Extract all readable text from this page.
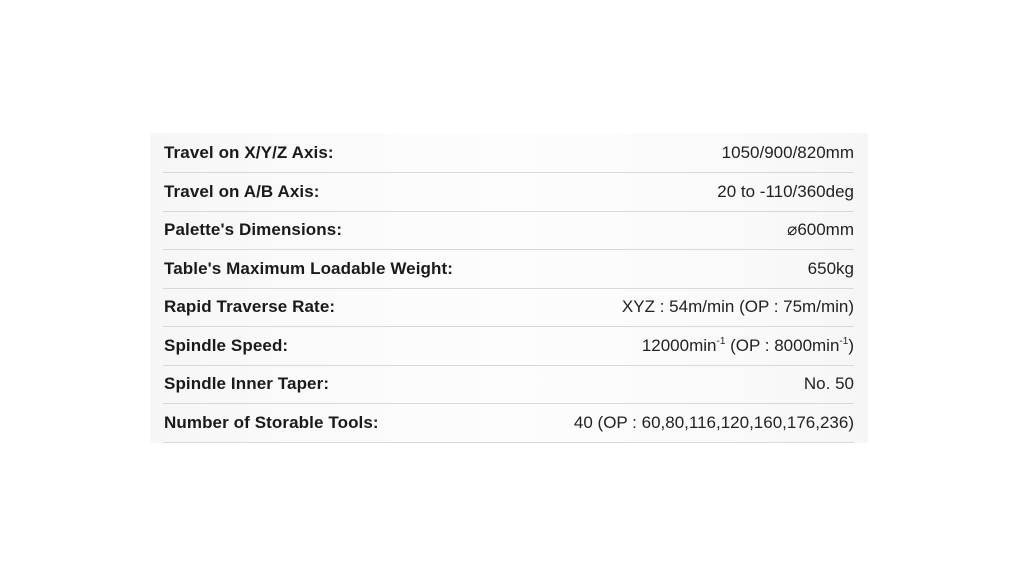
Travel on X/Y/Z Axis:	1050/900/820mm
Travel on A/B Axis:	20 to -110/360deg
Palette's Dimensions:	⌀600mm
Table's Maximum Loadable Weight:	650kg
Rapid Traverse Rate:	XYZ : 54m/min (OP : 75m/min)
Spindle Speed:	$12000\min^{-1}$ (OP : $8000\min^{-1}$)
Spindle Inner Taper:	No. 50
Number of Storable Tools:	40 (OP : 60,80,116,120,160,176,236)
